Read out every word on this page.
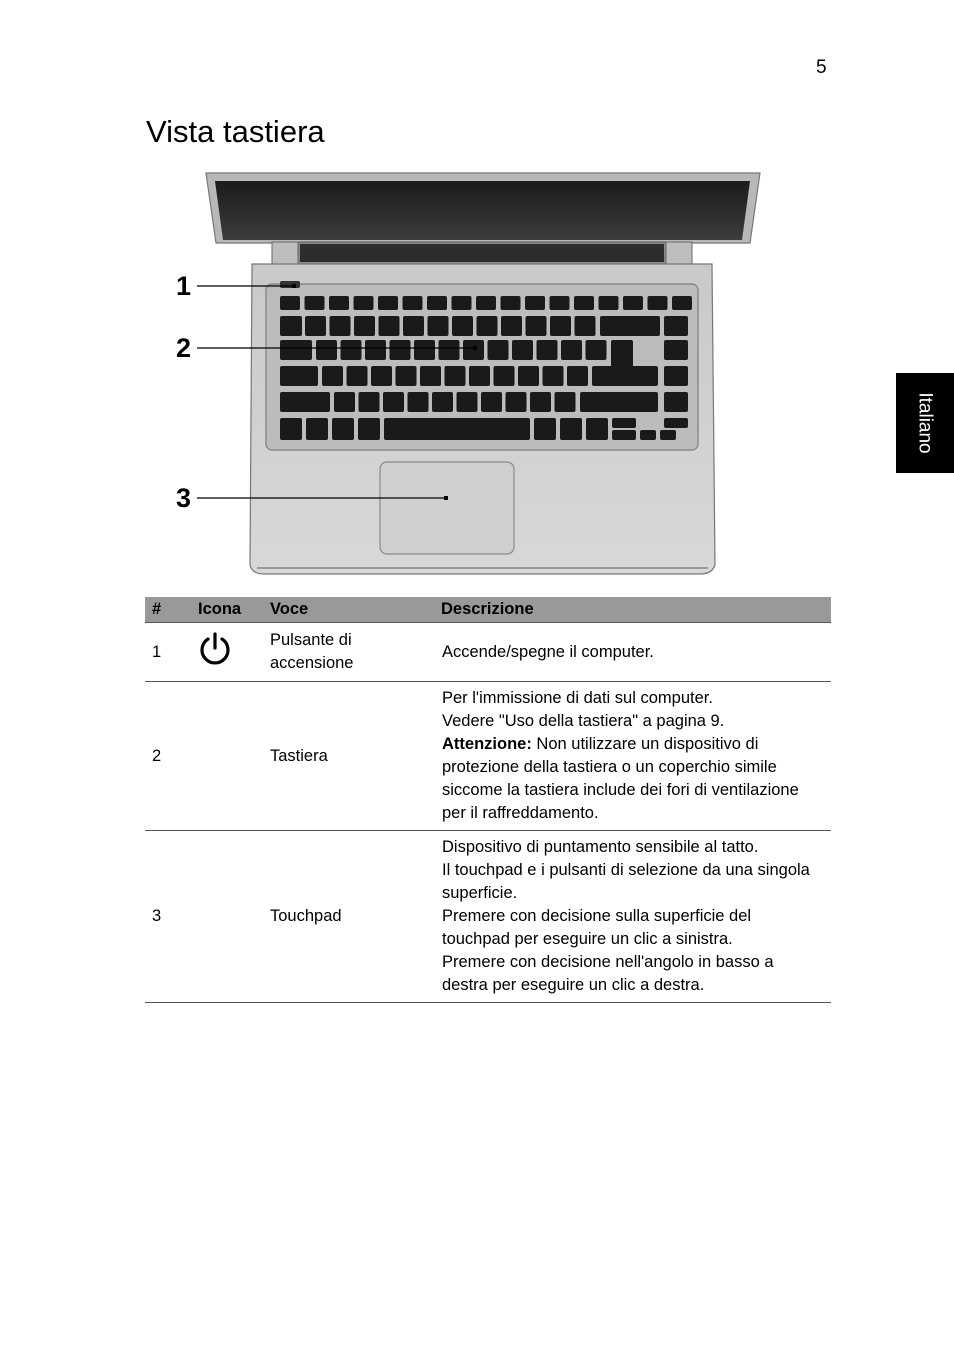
5
Vista tastiera
Italiano
1
2
3
#	Icona	Voce	Descrizione
1		Pulsante di accensione	Accende/spegne il computer.

2		Tastiera	Per l'immissione di dati sul computer.
Vedere "Uso della tastiera" a pagina 9.
Attenzione: Non utilizzare un dispositivo di protezione della tastiera o un coperchio simile siccome la tastiera include dei fori di ventilazione per il raffreddamento.

3		Touchpad	Dispositivo di puntamento sensibile al tatto.
Il touchpad e i pulsanti di selezione da una singola superficie.
Premere con decisione sulla superficie del touchpad per eseguire un clic a sinistra.
Premere con decisione nell'angolo in basso a destra per eseguire un clic a destra.
